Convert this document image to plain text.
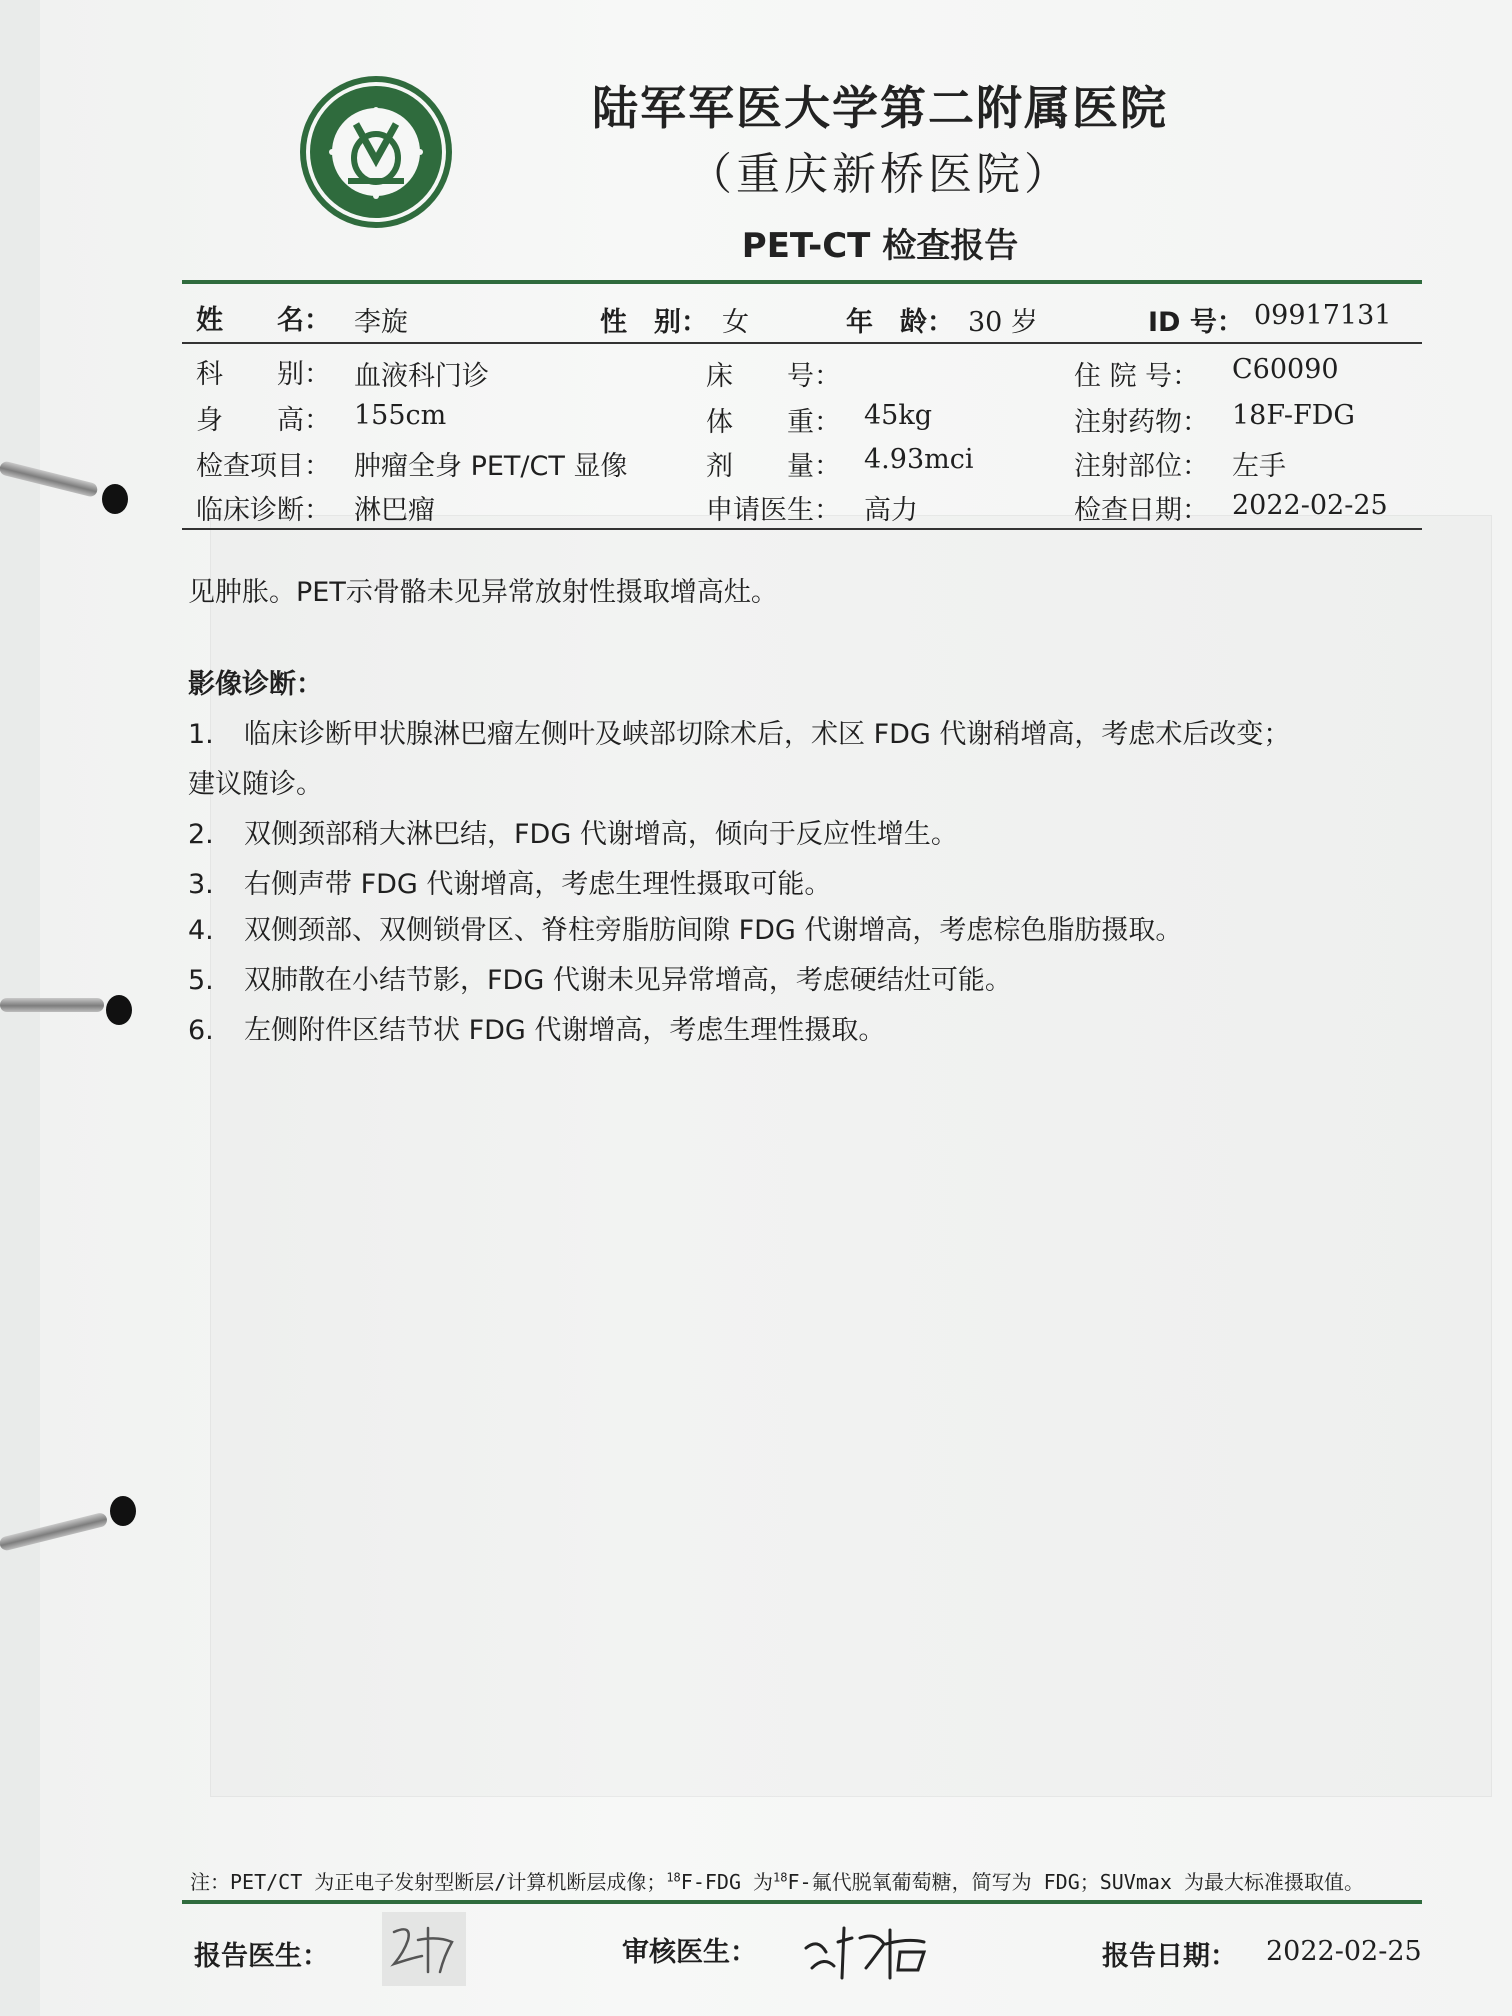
陆军军医大学第二附属医院
（重庆新桥医院）
PET-CT 检查报告
姓　　名： 李旋	性　别： 女	年　龄： 30 岁	ID 号： 09917131
科　　别： 血液科门诊	床　　号：	住 院 号： C60090
身　　高： 155cm	体　　重： 45kg	注射药物： 18F-FDG
检查项目： 肿瘤全身 PET/CT 显像	剂　　量： 4.93mci	注射部位： 左手
临床诊断： 淋巴瘤	申请医生： 高力	检查日期： 2022-02-25
见肿胀。PET示骨骼未见异常放射性摄取增高灶。
影像诊断：
1. 临床诊断甲状腺淋巴瘤左侧叶及峡部切除术后，术区 FDG 代谢稍增高，考虑术后改变；
建议随诊。
2. 双侧颈部稍大淋巴结，FDG 代谢增高，倾向于反应性增生。
3. 右侧声带 FDG 代谢增高，考虑生理性摄取可能。
4. 双侧颈部、双侧锁骨区、脊柱旁脂肪间隙 FDG 代谢增高，考虑棕色脂肪摄取。
5. 双肺散在小结节影，FDG 代谢未见异常增高，考虑硬结灶可能。
6. 左侧附件区结节状 FDG 代谢增高，考虑生理性摄取。
注：PET/CT 为正电子发射型断层/计算机断层成像；$^{18}$F-FDG 为$^{18}$F-氟代脱氧葡萄糖，简写为 FDG；SUVmax 为最大标准摄取值。
报告医生：	审核医生：	报告日期： 2022-02-25
